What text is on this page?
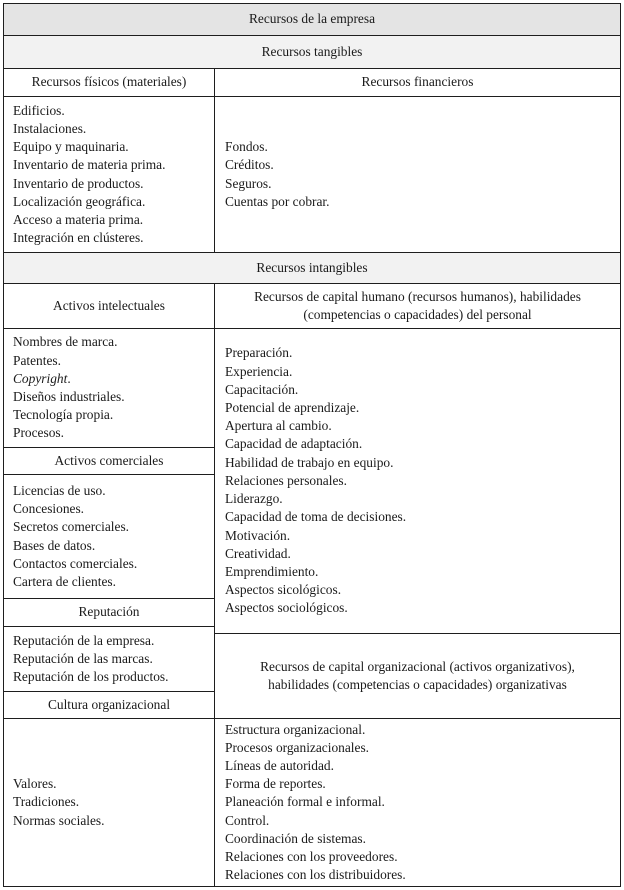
Recursos de la empresa
Recursos tangibles
Recursos físicos (materiales)	Recursos financieros
Edificios.
Instalaciones.
Equipo y maquinaria.
Inventario de materia prima.
Inventario de productos.
Localización geográfica.
Acceso a materia prima.
Integración en clústeres.
Fondos.
Créditos.
Seguros.
Cuentas por cobrar.
Recursos intangibles
Activos intelectuales
Nombres de marca.
Patentes.
Copyright.
Diseños industriales.
Tecnología propia.
Procesos.
Activos comerciales
Licencias de uso.
Concesiones.
Secretos comerciales.
Bases de datos.
Contactos comerciales.
Cartera de clientes.
Reputación
Reputación de la empresa.
Reputación de las marcas.
Reputación de los productos.
Cultura organizacional
Valores.
Tradiciones.
Normas sociales.
Recursos de capital humano (recursos humanos), habilidades
(competencias o capacidades) del personal
Preparación.
Experiencia.
Capacitación.
Potencial de aprendizaje.
Apertura al cambio.
Capacidad de adaptación.
Habilidad de trabajo en equipo.
Relaciones personales.
Liderazgo.
Capacidad de toma de decisiones.
Motivación.
Creatividad.
Emprendimiento.
Aspectos sicológicos.
Aspectos sociológicos.
Recursos de capital organizacional (activos organizativos),
habilidades (competencias o capacidades) organizativas
Estructura organizacional.
Procesos organizacionales.
Líneas de autoridad.
Forma de reportes.
Planeación formal e informal.
Control.
Coordinación de sistemas.
Relaciones con los proveedores.
Relaciones con los distribuidores.
